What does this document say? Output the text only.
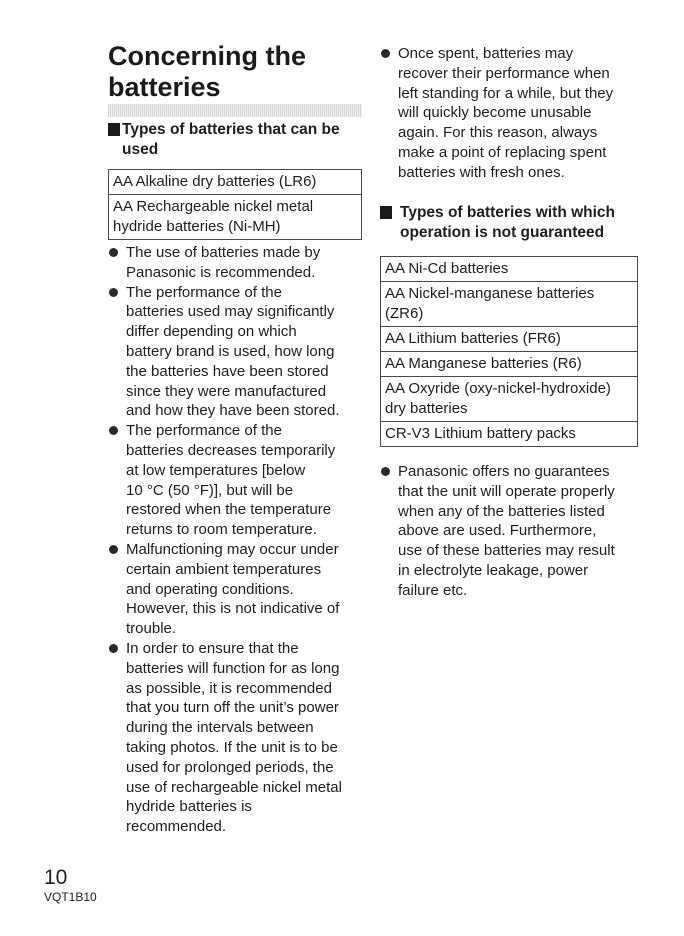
Concerning the
batteries
Types of batteries that can be
used
AA Alkaline dry batteries (LR6)

AA Rechargeable nickel metal
hydride batteries (Ni-MH)
The use of batteries made by
Panasonic is recommended.
The performance of the
batteries used may significantly
differ depending on which
battery brand is used, how long
the batteries have been stored
since they were manufactured
and how they have been stored.
The performance of the
batteries decreases temporarily
at low temperatures [below
10 °C (50 °F)], but will be
restored when the temperature
returns to room temperature.
Malfunctioning may occur under
certain ambient temperatures
and operating conditions.
However, this is not indicative of
trouble.
In order to ensure that the
batteries will function for as long
as possible, it is recommended
that you turn off the unit’s power
during the intervals between
taking photos. If the unit is to be
used for prolonged periods, the
use of rechargeable nickel metal
hydride batteries is
recommended.
Once spent, batteries may
recover their performance when
left standing for a while, but they
will quickly become unusable
again. For this reason, always
make a point of replacing spent
batteries with fresh ones.
Types of batteries with which
operation is not guaranteed
AA Ni-Cd batteries

AA Nickel-manganese batteries
(ZR6)

AA Lithium batteries (FR6)
AA Manganese batteries (R6)

AA Oxyride (oxy-nickel-hydroxide)
dry batteries

CR-V3 Lithium battery packs
Panasonic offers no guarantees
that the unit will operate properly
when any of the batteries listed
above are used. Furthermore,
use of these batteries may result
in electrolyte leakage, power
failure etc.
10
VQT1B10
